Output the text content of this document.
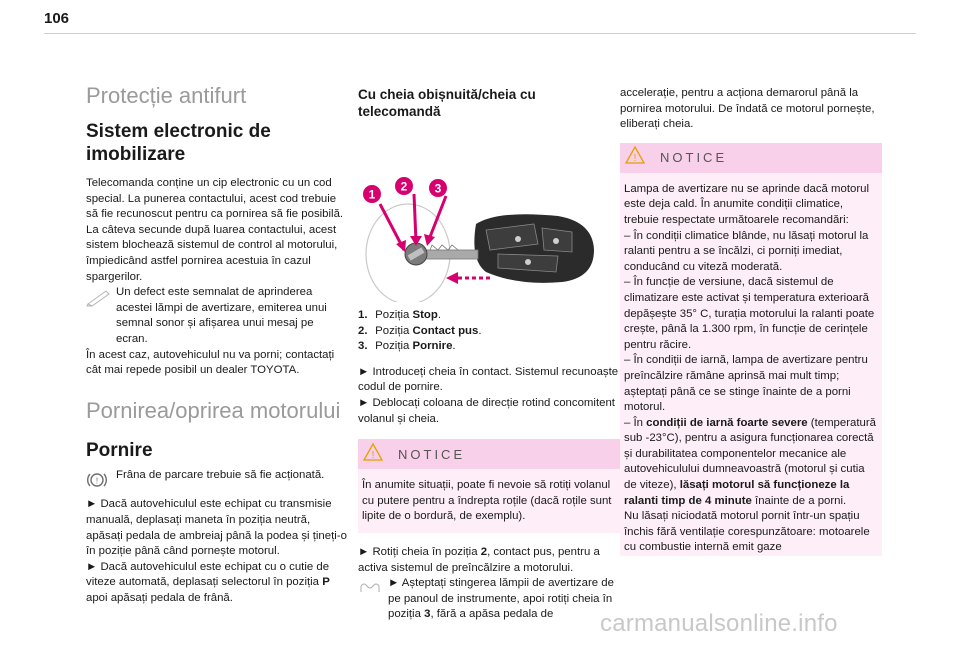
106
Protecție antifurt
Sistem electronic de imobilizare

Telecomanda conține un cip electronic cu un cod special. La punerea contactului, acest cod trebuie să fie recunoscut pentru ca pornirea să fie posibilă.
La câteva secunde după luarea contactului, acest sistem blochează sistemul de control al motorului, împiedicând astfel pornirea acestuia în cazul spargerilor.

Un defect este semnalat de aprinderea acestei lămpi de avertizare, emiterea unui semnal sonor și afișarea unui mesaj pe ecran.

În acest caz, autovehiculul nu va porni; contactați cât mai repede posibil un dealer TOYOTA.

Pornirea/oprirea motorului
Pornire
! Frâna de parcare trebuie să fie acționată.

► Dacă autovehiculul este echipat cu transmisie manuală, deplasați maneta în poziția neutră, apăsați pedala de ambreiaj până la podea și țineți-o în poziție până când pornește motorul.

► Dacă autovehiculul este echipat cu o cutie de viteze automată, deplasați selectorul în poziția P apoi apăsați pedala de frână.

Cu cheia obișnuită/cheia cu telecomandă
1
2 3
1. Poziția Stop.
2. Poziția Contact pus.
3. Poziția Pornire.

► Introduceți cheia în contact. Sistemul recunoaște codul de pornire.
► Deblocați coloana de direcție rotind concomitent volanul și cheia.

! NOTICE

În anumite situații, poate fi nevoie să rotiți volanul cu putere pentru a îndrepta roțile (dacă roțile sunt lipite de o bordură, de exemplu).

► Rotiți cheia în poziția 2, contact pus, pentru a activa sistemul de preîncălzire a motorului.

► Așteptați stingerea lămpii de avertizare de pe panoul de instrumente, apoi rotiți cheia în poziția 3, fără a apăsa pedala de

accelerație, pentru a acționa demarorul până la pornirea motorului. De îndată ce motorul pornește, eliberați cheia.

! NOTICE

Lampa de avertizare nu se aprinde dacă motorul este deja cald. În anumite condiții climatice, trebuie respectate următoarele recomandări:
– În condiții climatice blânde, nu lăsați motorul la ralanti pentru a se încălzi, ci porniți imediat, conducând cu viteză moderată.
– În funcție de versiune, dacă sistemul de climatizare este activat și temperatura exterioară depășește 35° C, turația motorului la ralanti poate crește, până la 1.300 rpm, în funcție de cerințele pentru răcire.
– În condiții de iarnă, lampa de avertizare pentru preîncălzire rămâne aprinsă mai mult timp; așteptați până ce se stinge înainte de a porni motorul.

– În condiții de iarnă foarte severe (temperatură sub -23°C), pentru a asigura funcționarea corectă și durabilitatea componentelor mecanice ale autovehiculului dumneavoastră (motorul și cutia de viteze), lăsați motorul să funcționeze la ralanti timp de 4 minute înainte de a porni.

Nu lăsați niciodată motorul pornit într-un spațiu închis fără ventilație corespunzătoare: motoarele cu combustie internă emit gaze

carmanualsonline.info
